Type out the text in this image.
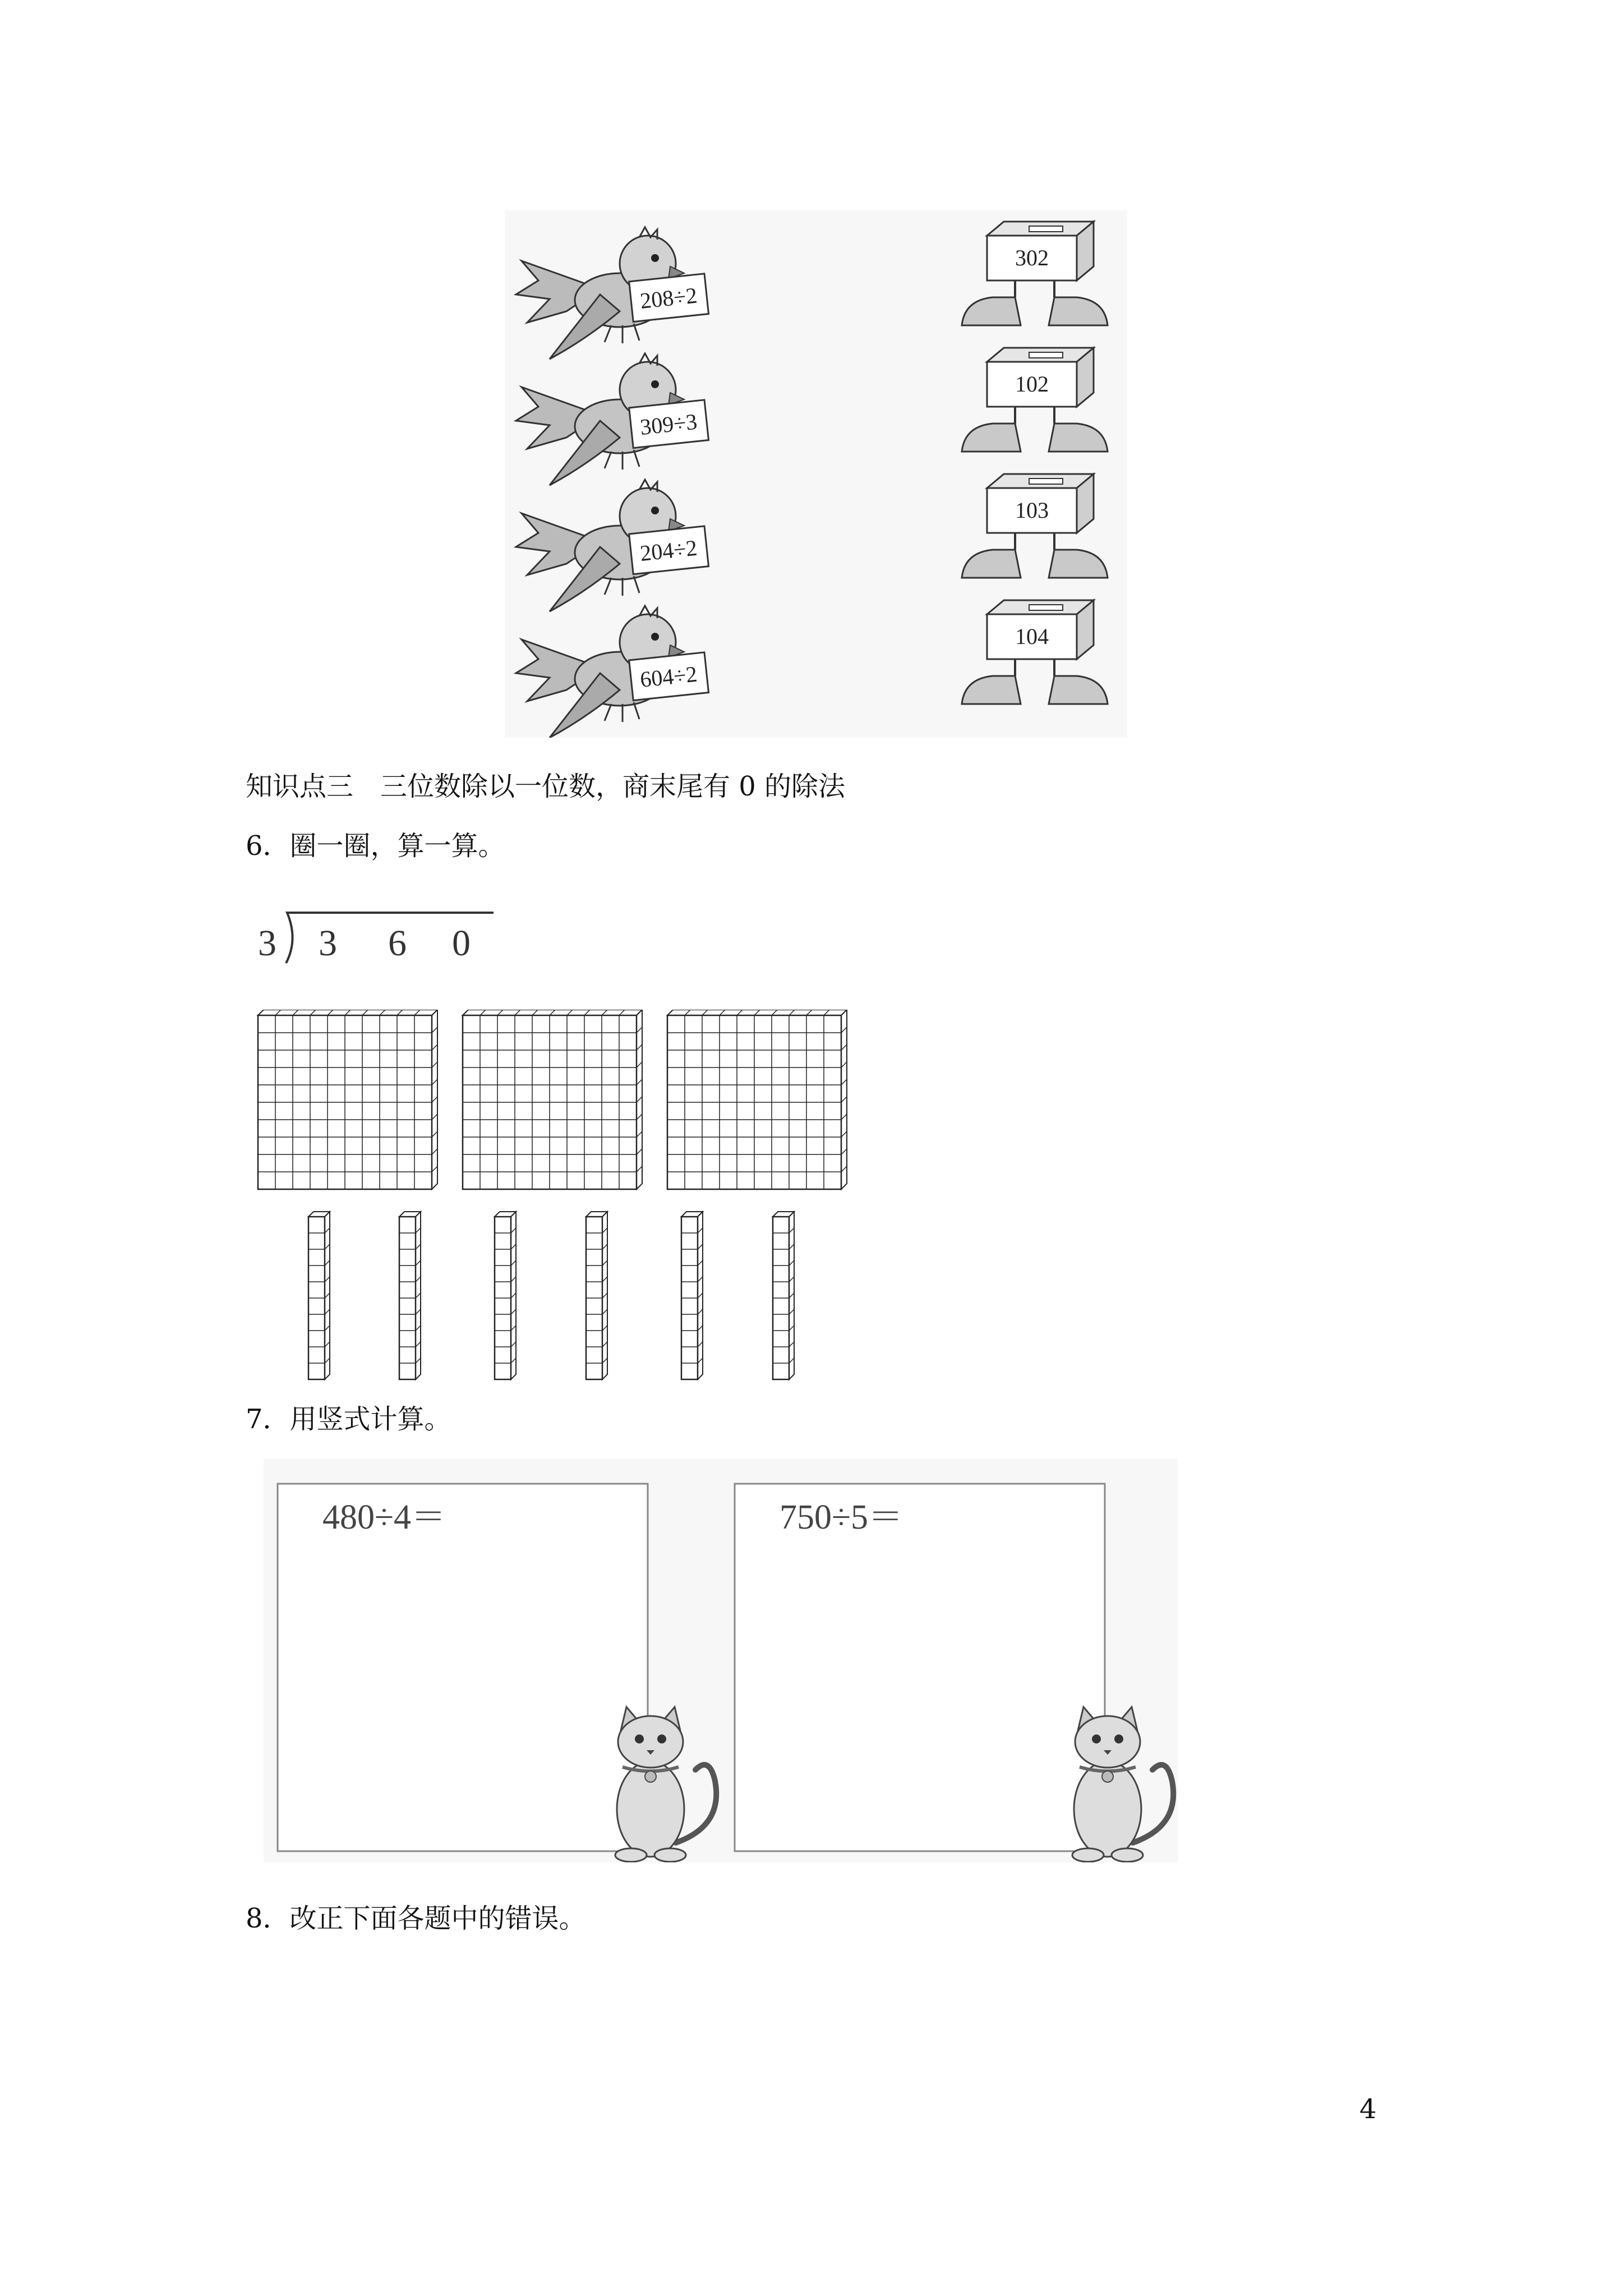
208÷2
309÷3
204÷2
604÷2
302
102
103
104
知识点三　三位数除以一位数，商末尾有 0 的除法
6．圈一圈，算一算。
3 3 6 0
7．用竖式计算。
480÷4＝	750÷5＝
8．改正下面各题中的错误。
4
